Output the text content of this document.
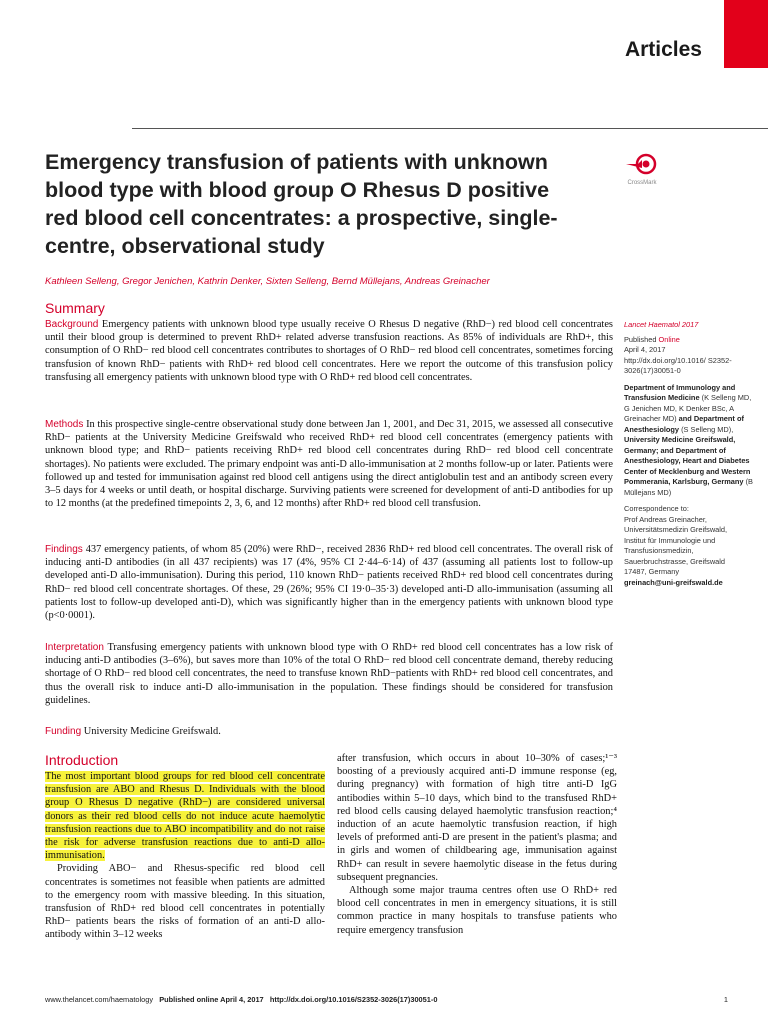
Articles
Emergency transfusion of patients with unknown blood type with blood group O Rhesus D positive red blood cell concentrates: a prospective, single-centre, observational study
CrossMark
Kathleen Selleng, Gregor Jenichen, Kathrin Denker, Sixten Selleng, Bernd Müllejans, Andreas Greinacher
Summary
Background Emergency patients with unknown blood type usually receive O Rhesus D negative (RhD−) red blood cell concentrates until their blood group is determined to prevent RhD+ related adverse transfusion reactions. As 85% of individuals are RhD+, this consumption of O RhD− red blood cell concentrates contributes to shortages of O RhD− red blood cell concentrates, sometimes forcing transfusion of known RhD− patients with RhD+ red blood cell concentrates. Here we report the outcome of this transfusion policy transfusing all emergency patients with unknown blood type with O RhD+ red blood cell concentrates.
Methods In this prospective single-centre observational study done between Jan 1, 2001, and Dec 31, 2015, we assessed all consecutive RhD− patients at the University Medicine Greifswald who received RhD+ red blood cell concentrates (emergency patients with unknown blood type; and RhD− patients receiving RhD+ red blood cell concentrates during RhD− red blood cell concentrate shortages). No patients were excluded. The primary endpoint was anti-D allo-immunisation at 2 months follow-up or later. Patients were followed up and tested for immunisation against red blood cell antigens using the direct antiglobulin test and an antibody screen every 3–5 days for 4 weeks or until death, or hospital discharge. Surviving patients were screened for development of anti-D antibodies for up to 12 months (at the predefined timepoints 2, 3, 6, and 12 months) after RhD+ red blood cell transfusion.
Findings 437 emergency patients, of whom 85 (20%) were RhD−, received 2836 RhD+ red blood cell concentrates. The overall risk of inducing anti-D antibodies (in all 437 recipients) was 17 (4%, 95% CI 2·44–6·14) of 437 (assuming all patients lost to follow-up developed anti-D allo-immunisation). During this period, 110 known RhD− patients received RhD+ red blood cell concentrates during RhD− red blood cell concentrate shortages. Of these, 29 (26%; 95% CI 19·0–35·3) developed anti-D allo-immunisation (assuming all patients lost to follow-up developed anti-D), which was significantly higher than in the emergency patients with unknown blood type (p<0·0001).
Interpretation Transfusing emergency patients with unknown blood type with O RhD+ red blood cell concentrates has a low risk of inducing anti-D antibodies (3–6%), but saves more than 10% of the total O RhD− red blood cell concentrate demand, thereby reducing shortage of O RhD− red blood cell concentrates, the need to transfuse known RhD−patients with RhD+ red blood cell concentrates, and thus the overall risk to induce anti-D allo-immunisation in the population. These findings should be considered for transfusion guidelines.
Funding University Medicine Greifswald.
Lancet Haematol 2017
Published Online
April 4, 2017
http://dx.doi.org/10.1016/ S2352-3026(17)30051-0
Department of Immunology and Transfusion Medicine (K Selleng MD, G Jenichen MD, K Denker BSc, A Greinacher MD) and Department of Anesthesiology (S Selleng MD), University Medicine Greifswald, Germany; and Department of Anesthesiology, Heart and Diabetes Center of Mecklenburg and Western Pommerania, Karlsburg, Germany (B Müllejans MD)
Correspondence to:
Prof Andreas Greinacher,
Universitätsmedizin Greifswald,
Institut für Immunologie und
Transfusionsmedizin,
Sauerbruchstrasse, Greifswald
17487, Germany
greinach@uni-greifswald.de
Introduction

The most important blood groups for red blood cell concentrate transfusion are ABO and Rhesus D. Individuals with the blood group O Rhesus D negative (RhD−) are considered universal donors as their red blood cells do not induce acute haemolytic transfusion reactions due to ABO incompatibility and do not raise the risk for adverse transfusion reactions due to anti-D allo-immunisation.

Providing ABO− and Rhesus-specific red blood cell concentrates is sometimes not feasible when patients are admitted to the emergency room with massive bleeding. In this situation, transfusion of RhD+ red blood cell concentrates in potentially RhD− patients bears the risks of formation of an anti-D allo-antibody within 3–12 weeks

after transfusion, which occurs in about 10–30% of cases;¹⁻³ boosting of a previously acquired anti-D immune response (eg, during pregnancy) with formation of high titre anti-D IgG antibodies within 5–10 days, which bind to the transfused RhD+ red blood cells causing delayed haemolytic transfusion reaction;⁴ induction of an acute haemolytic transfusion reaction, if high levels of preformed anti-D are present in the patient's plasma; and in girls and women of childbearing age, immunisation against RhD+ can result in severe haemolytic disease in the fetus during subsequent pregnancies.

Although some major trauma centres often use O RhD+ red blood cell concentrates in men in emergency situations, it is still common practice in many hospitals to transfuse patients who require emergency transfusion

www.thelancet.com/haematology Published online April 4, 2017 http://dx.doi.org/10.1016/S2352-3026(17)30051-0	1
